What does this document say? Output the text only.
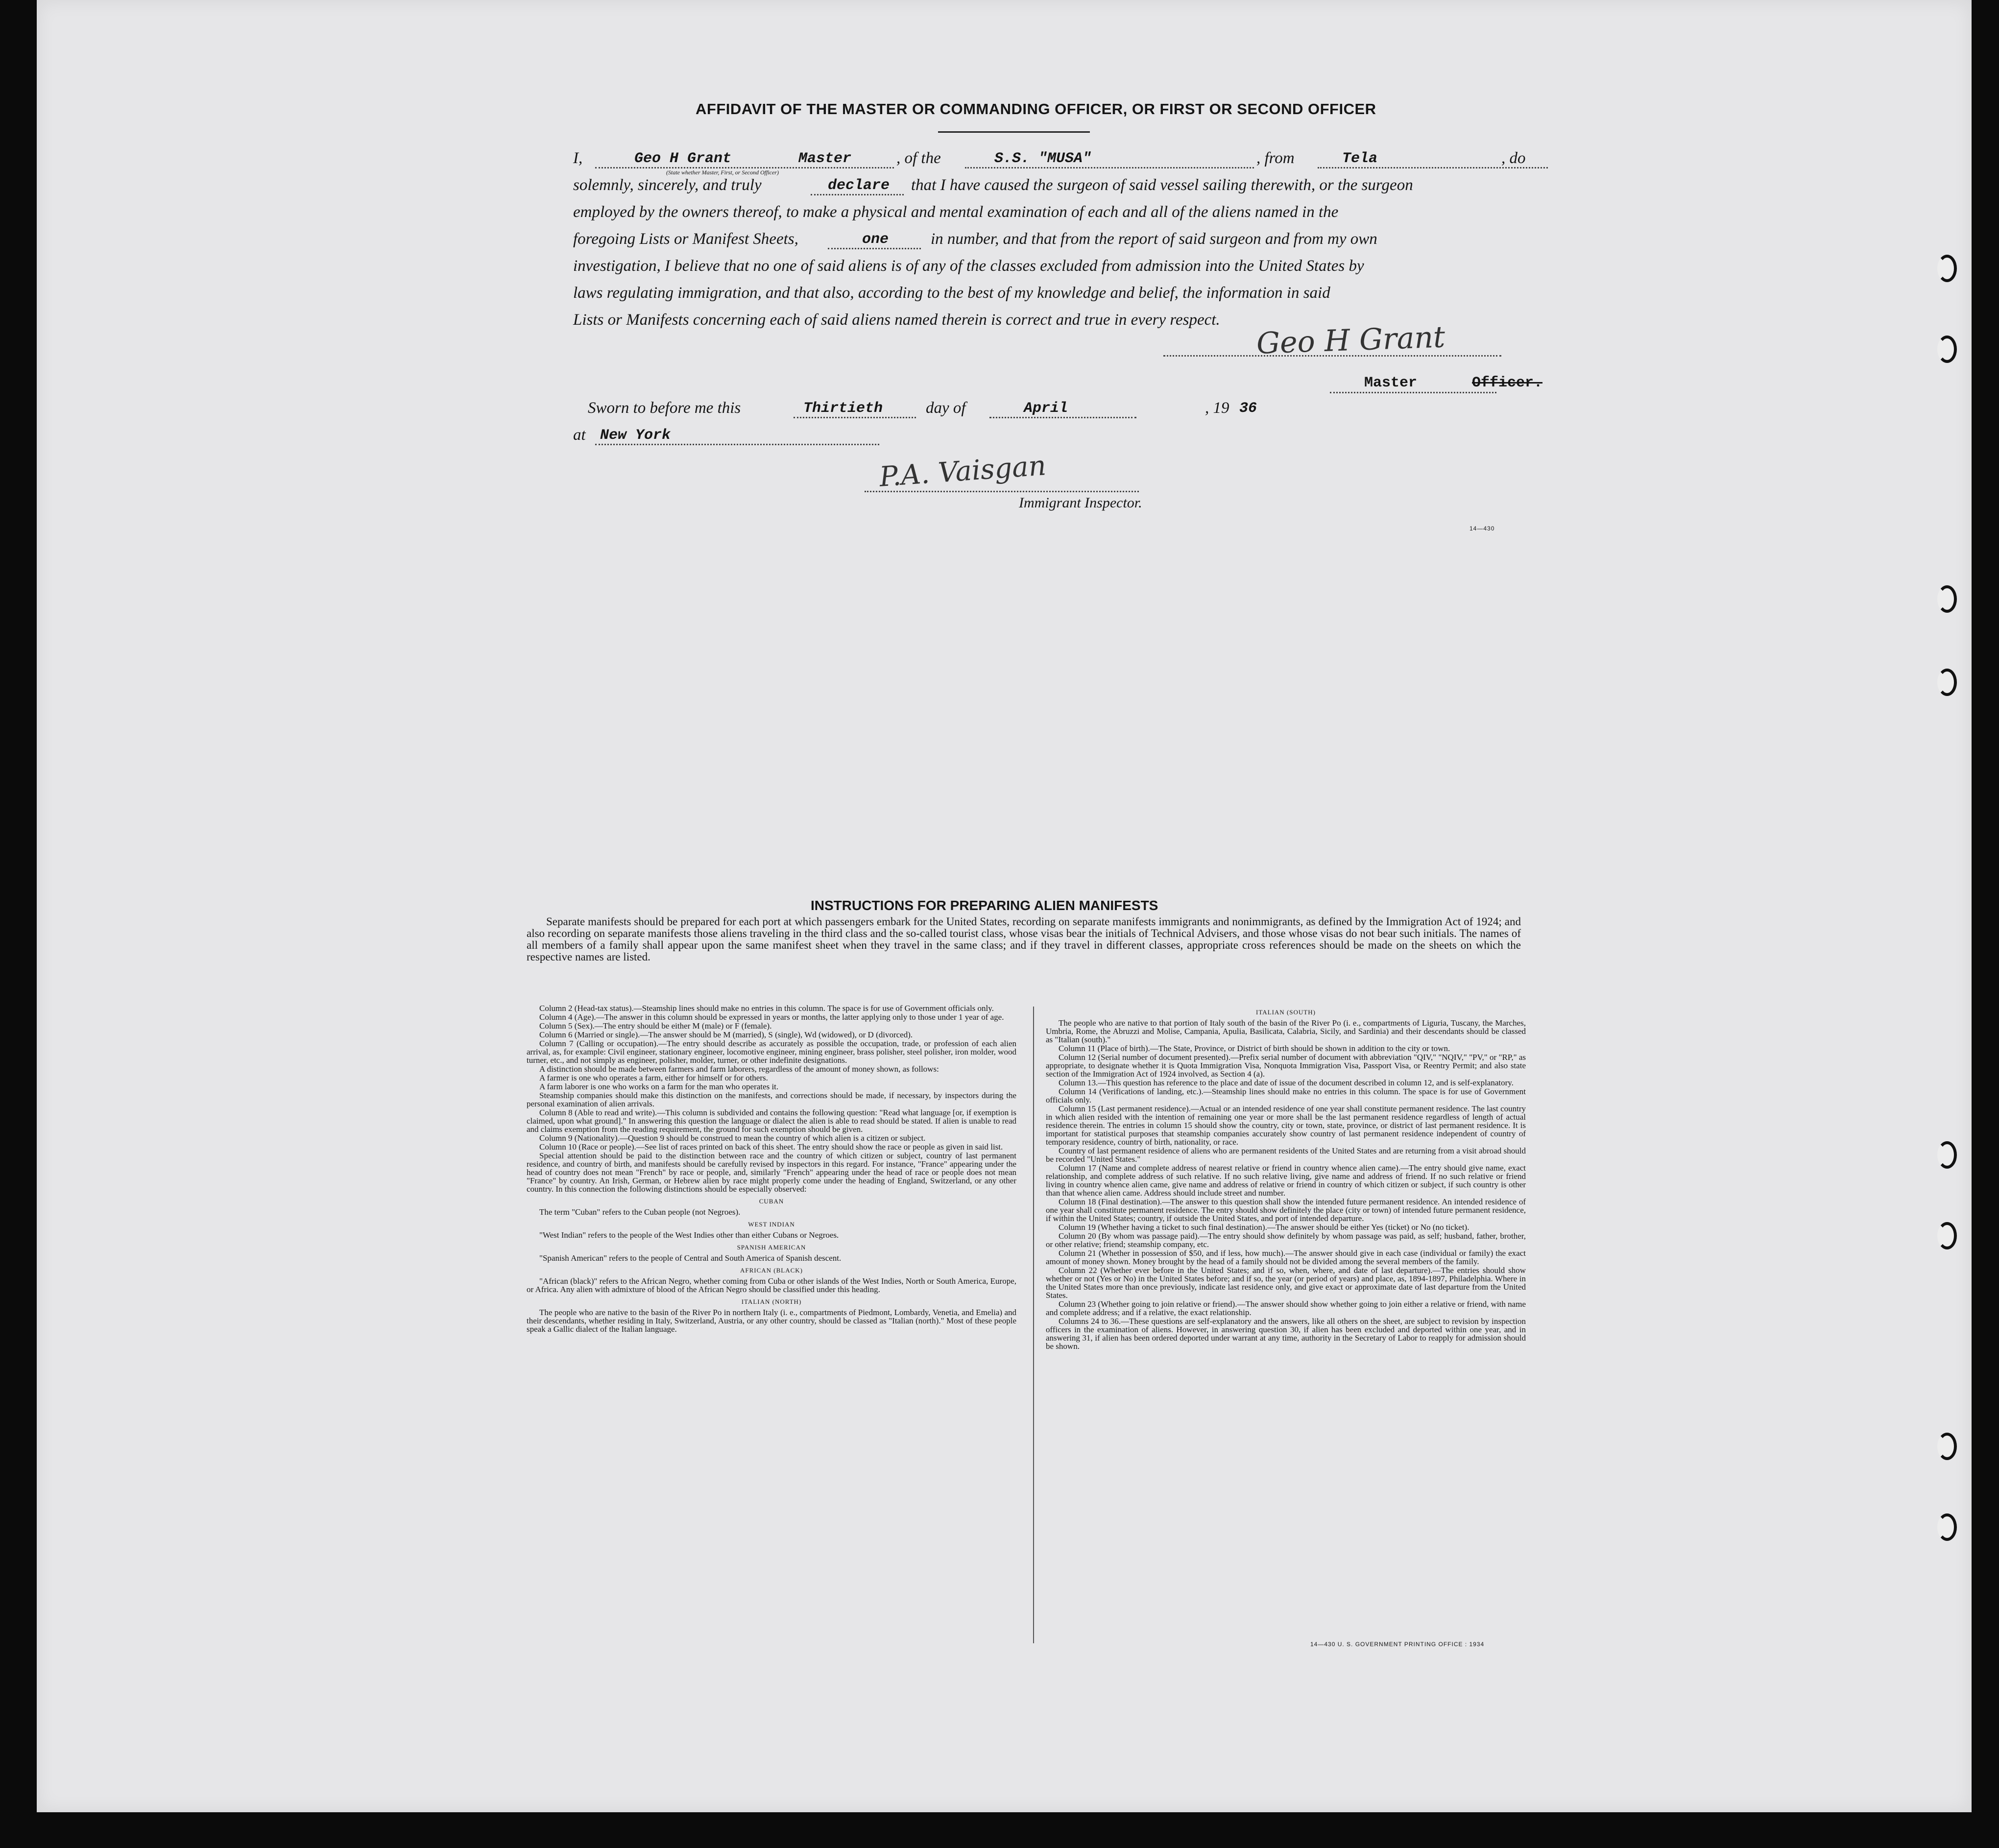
AFFIDAVIT OF THE MASTER OR COMMANDING OFFICER, OR FIRST OR SECOND OFFICER
I,	Geo H Grant	Master
(State whether Master, First, or Second Officer)
, of the	S.S. "MUSA"	, from	Tela	, do
solemnly, sincerely, and truly	declare that I have caused the surgeon of said vessel sailing therewith, or the surgeon
employed by the owners thereof, to make a physical and mental examination of each and all of the aliens named in the
foregoing Lists or Manifest Sheets,	one	in number, and that from the report of said surgeon and from my own
investigation, I believe that no one of said aliens is of any of the classes excluded from admission into the United States by
laws regulating immigration, and that also, according to the best of my knowledge and belief, the information in said
Lists or Manifests concerning each of said aliens named therein is correct and true in every respect.
Geo H Grant
Master	Officer.
Sworn to before me this	Thirtieth	day of	April	, 19 36
at New York
P.A. Vaisgan
Immigrant Inspector.
14—430
INSTRUCTIONS FOR PREPARING ALIEN MANIFESTS

Separate manifests should be prepared for each port at which passengers embark for the United States, recording on separate manifests immigrants and nonimmigrants, as defined by the Immigration Act of 1924; and also recording on separate manifests those aliens traveling in the third class and the so-called tourist class, whose visas bear the initials of Technical Advisers, and those whose visas do not bear such initials. The names of all members of a family shall appear upon the same manifest sheet when they travel in the same class; and if they travel in different classes, appropriate cross references should be made on the sheets on which the respective names are listed.

Column 2 (Head-tax status).—Steamship lines should make no entries in this column. The space is for use of Government officials only.

Column 4 (Age).—The answer in this column should be expressed in years or months, the latter applying only to those under 1 year of age.

Column 5 (Sex).—The entry should be either M (male) or F (female).

Column 6 (Married or single).—The answer should be M (married), S (single), Wd (widowed), or D (divorced).

Column 7 (Calling or occupation).—The entry should describe as accurately as possible the occupation, trade, or profession of each alien arrival, as, for example: Civil engineer, stationary engineer, locomotive engineer, mining engineer, brass polisher, steel polisher, iron molder, wood turner, etc., and not simply as engineer, polisher, molder, turner, or other indefinite designations.

A distinction should be made between farmers and farm laborers, regardless of the amount of money shown, as follows:

A farmer is one who operates a farm, either for himself or for others.

A farm laborer is one who works on a farm for the man who operates it.

Steamship companies should make this distinction on the manifests, and corrections should be made, if necessary, by inspectors during the personal examination of alien arrivals.

Column 8 (Able to read and write).—This column is subdivided and contains the following question: "Read what language [or, if exemption is claimed, upon what ground]." In answering this question the language or dialect the alien is able to read should be stated. If alien is unable to read and claims exemption from the reading requirement, the ground for such exemption should be given.

Column 9 (Nationality).—Question 9 should be construed to mean the country of which alien is a citizen or subject.

Column 10 (Race or people).—See list of races printed on back of this sheet. The entry should show the race or people as given in said list.

Special attention should be paid to the distinction between race and the country of which citizen or subject, country of last permanent residence, and country of birth, and manifests should be carefully revised by inspectors in this regard. For instance, "France" appearing under the head of country does not mean "French" by race or people, and, similarly "French" appearing under the head of race or people does not mean "France" by country. An Irish, German, or Hebrew alien by race might properly come under the heading of England, Switzerland, or any other country. In this connection the following distinctions should be especially observed:

CUBAN

The term "Cuban" refers to the Cuban people (not Negroes).

WEST INDIAN

"West Indian" refers to the people of the West Indies other than either Cubans or Negroes.

SPANISH AMERICAN

"Spanish American" refers to the people of Central and South America of Spanish descent.

AFRICAN (BLACK)

"African (black)" refers to the African Negro, whether coming from Cuba or other islands of the West Indies, North or South America, Europe, or Africa. Any alien with admixture of blood of the African Negro should be classified under this heading.

ITALIAN (NORTH)

The people who are native to the basin of the River Po in northern Italy (i. e., compartments of Piedmont, Lombardy, Venetia, and Emelia) and their descendants, whether residing in Italy, Switzerland, Austria, or any other country, should be classed as "Italian (north)." Most of these people speak a Gallic dialect of the Italian language.

ITALIAN (SOUTH)

The people who are native to that portion of Italy south of the basin of the River Po (i. e., compartments of Liguria, Tuscany, the Marches, Umbria, Rome, the Abruzzi and Molise, Campania, Apulia, Basilicata, Calabria, Sicily, and Sardinia) and their descendants should be classed as "Italian (south)."

Column 11 (Place of birth).—The State, Province, or District of birth should be shown in addition to the city or town.

Column 12 (Serial number of document presented).—Prefix serial number of document with abbreviation "QIV," "NQIV," "PV," or "RP," as appropriate, to designate whether it is Quota Immigration Visa, Nonquota Immigration Visa, Passport Visa, or Reentry Permit; and also state section of the Immigration Act of 1924 involved, as Section 4 (a).

Column 13.—This question has reference to the place and date of issue of the document described in column 12, and is self-explanatory.

Column 14 (Verifications of landing, etc.).—Steamship lines should make no entries in this column. The space is for use of Government officials only.

Column 15 (Last permanent residence).—Actual or an intended residence of one year shall constitute permanent residence. The last country in which alien resided with the intention of remaining one year or more shall be the last permanent residence regardless of length of actual residence therein. The entries in column 15 should show the country, city or town, state, province, or district of last permanent residence. It is important for statistical purposes that steamship companies accurately show country of last permanent residence independent of country of temporary residence, country of birth, nationality, or race.

Country of last permanent residence of aliens who are permanent residents of the United States and are returning from a visit abroad should be recorded "United States."

Column 17 (Name and complete address of nearest relative or friend in country whence alien came).—The entry should give name, exact relationship, and complete address of such relative. If no such relative living, give name and address of friend. If no such relative or friend living in country whence alien came, give name and address of relative or friend in country of which citizen or subject, if such country is other than that whence alien came. Address should include street and number.

Column 18 (Final destination).—The answer to this question shall show the intended future permanent residence. An intended residence of one year shall constitute permanent residence. The entry should show definitely the place (city or town) of intended future permanent residence, if within the United States; country, if outside the United States, and port of intended departure.

Column 19 (Whether having a ticket to such final destination).—The answer should be either Yes (ticket) or No (no ticket).

Column 20 (By whom was passage paid).—The entry should show definitely by whom passage was paid, as self; husband, father, brother, or other relative; friend; steamship company, etc.

Column 21 (Whether in possession of $50, and if less, how much).—The answer should give in each case (individual or family) the exact amount of money shown. Money brought by the head of a family should not be divided among the several members of the family.

Column 22 (Whether ever before in the United States; and if so, when, where, and date of last departure).—The entries should show whether or not (Yes or No) in the United States before; and if so, the year (or period of years) and place, as, 1894-1897, Philadelphia. Where in the United States more than once previously, indicate last residence only, and give exact or approximate date of last departure from the United States.

Column 23 (Whether going to join relative or friend).—The answer should show whether going to join either a relative or friend, with name and complete address; and if a relative, the exact relationship.

Columns 24 to 36.—These questions are self-explanatory and the answers, like all others on the sheet, are subject to revision by inspection officers in the examination of aliens. However, in answering question 30, if alien has been excluded and deported within one year, and in answering 31, if alien has been ordered deported under warrant at any time, authority in the Secretary of Labor to reapply for admission should be shown.

14—430 U. S. GOVERNMENT PRINTING OFFICE : 1934
